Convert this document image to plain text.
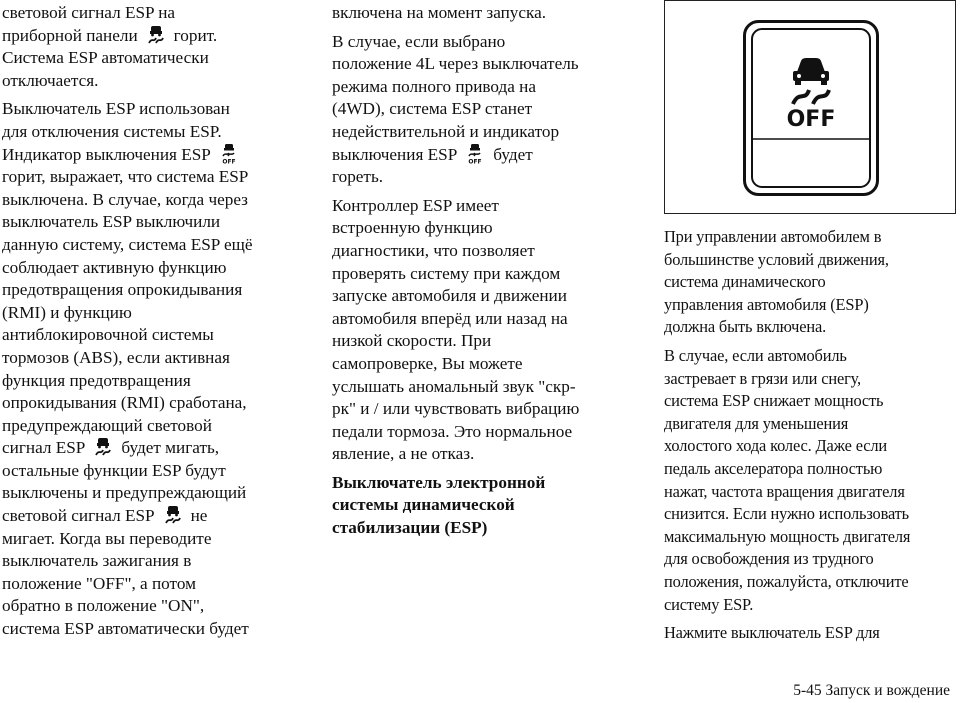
световой сигнал ESP на
приборной панели горит.
Система ESP автоматически
отключается.

Выключатель ESP использован
для отключения системы ESP.
Индикатор выключения ESP OFF

горит, выражает, что система ESP
выключена. В случае, когда через
выключатель ESP выключили
данную систему, система ESP ещё
соблюдает активную функцию
предотвращения опрокидывания
(RMI) и функцию
антиблокировочной системы
тормозов (ABS), если активная
функция предотвращения
опрокидывания (RMI) сработана,
предупреждающий световой
сигнал ESP будет мигать,
остальные функции ESP будут
выключены и предупреждающий
световой сигнал ESP не
мигает. Когда вы переводите
выключатель зажигания в
положение "OFF", а потом
обратно в положение "ON",
система ESP автоматически будет

включена на момент запуска.

В случае, если выбрано
положение 4L через выключатель
режима полного привода на
(4WD), система ESP станет
недействительной и индикатор
выключения ESP OFF будет
гореть.

Контроллер ESP имеет
встроенную функцию
диагностики, что позволяет
проверять систему при каждом
запуске автомобиля и движении
автомобиля вперёд или назад на
низкой скорости. При
самопроверке, Вы можете
услышать аномальный звук "скр-
рк" и / или чувствовать вибрацию
педали тормоза. Это нормальное
явление, а не отказ.

Выключатель электронной
системы динамической
стабилизации (ESP)

OFF

При управлении автомобилем в
большинстве условий движения,
система динамического
управления автомобиля (ESP)
должна быть включена.

В случае, если автомобиль
застревает в грязи или снегу,
система ESP снижает мощность
двигателя для уменьшения
холостого хода колес. Даже если
педаль акселератора полностью
нажат, частота вращения двигателя
снизится. Если нужно использовать
максимальную мощность двигателя
для освобождения из трудного
положения, пожалуйста, отключите
систему ESP.

Нажмите выключатель ESP для

5-45 Запуск и вождение
